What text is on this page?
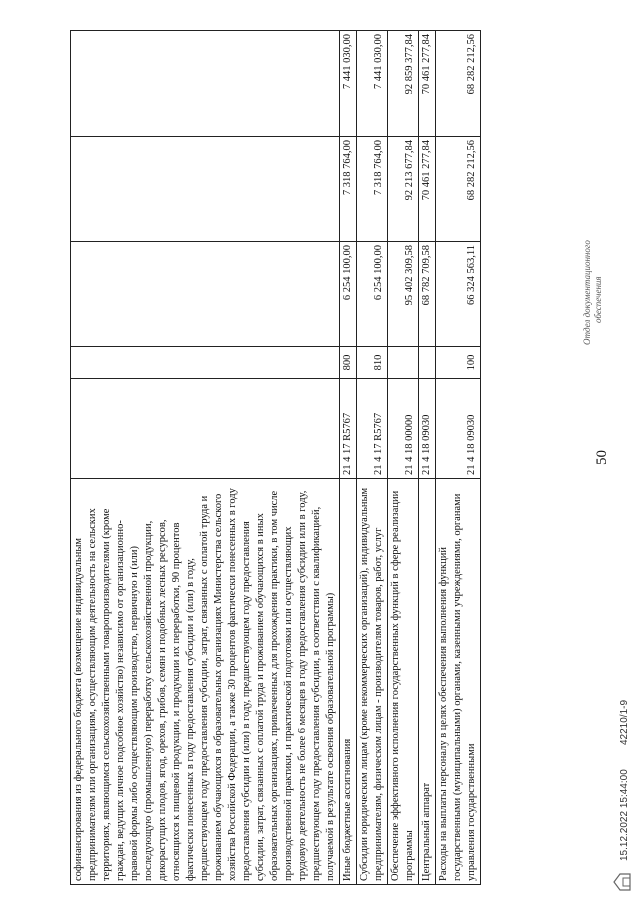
50
софинансирования из федерального бюджета (возмещение индивидуальным предпринимателям или организациям, осуществляющим деятельность на сельских территориях, являющимся сельскохозяйственными товаропроизводителями (кроме граждан, ведущих личное подсобное хозяйство) независимо от организационно-правовой формы либо осуществляющим производство, первичную и (или) последующую (промышленную) переработку сельскохозяйственной продукции, дикорастущих плодов, ягод, орехов, грибов, семян и подобных лесных ресурсов, относящихся к пищевой продукции, и продукции их переработки, 90 процентов фактически понесенных в году предоставления субсидии и (или) в году, предшествующем году предоставления субсидии, затрат, связанных с оплатой труда и проживанием обучающихся в образовательных организациях Министерства сельского хозяйства Российской Федерации, а также 30 процентов фактически понесенных в году предоставления субсидии и (или) в году, предшествующем году предоставления субсидии, затрат, связанных с оплатой труда и проживанием обучающихся в иных образовательных организациях, привлеченных для прохождения практики, в том числе производственной практики, и практической подготовки или осуществляющих трудовую деятельность не более 6 месяцев в году предоставления субсидии или в году, предшествующем году предоставления субсидии, в соответствии с квалификацией, получаемой в результате освоения образовательной программы)					
Иные бюджетные ассигнования	21 4 17 R5767	800	6 254 100,00	7 318 764,00	7 441 030,00
Субсидии юридическим лицам (кроме некоммерческих организаций), индивидуальным предпринимателям, физическим лицам - производителям товаров, работ, услуг	21 4 17 R5767	810	6 254 100,00	7 318 764,00	7 441 030,00
Обеспечение эффективного исполнения государственных функций в сфере реализации программы	21 4 18 00000		95 402 309,58	92 213 677,84	92 859 377,84
Центральный аппарат	21 4 18 09030		68 782 709,58	70 461 277,84	70 461 277,84
Расходы на выплаты персоналу в целях обеспечения выполнения функций государственными (муниципальными) органами, казенными учреждениями, органами управления государственными	21 4 18 09030	100	66 324 563,11	68 282 212,56	68 282 212,56
15.12.2022 15:44:00
42210/1-9
Отдел документационного обеспечения
